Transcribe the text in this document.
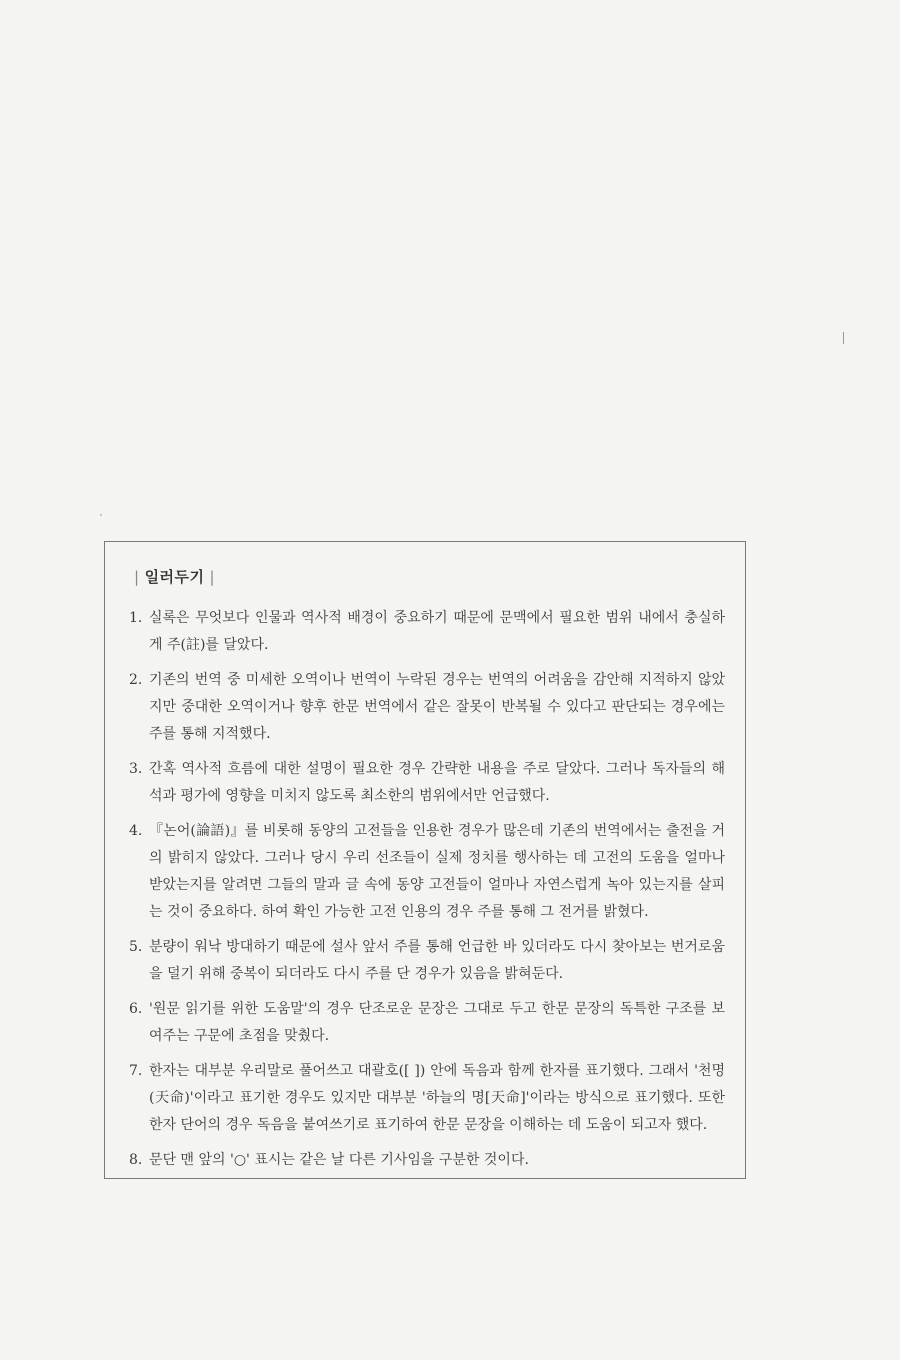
| 일러두기 |
1. 실록은 무엇보다 인물과 역사적 배경이 중요하기 때문에 문맥에서 필요한 범위 내에서 충실하게 주(註)를 달았다.
2. 기존의 번역 중 미세한 오역이나 번역이 누락된 경우는 번역의 어려움을 감안해 지적하지 않았지만 중대한 오역이거나 향후 한문 번역에서 같은 잘못이 반복될 수 있다고 판단되는 경우에는 주를 통해 지적했다.
3. 간혹 역사적 흐름에 대한 설명이 필요한 경우 간략한 내용을 주로 달았다. 그러나 독자들의 해석과 평가에 영향을 미치지 않도록 최소한의 범위에서만 언급했다.
4. 『논어(論語)』를 비롯해 동양의 고전들을 인용한 경우가 많은데 기존의 번역에서는 출전을 거의 밝히지 않았다. 그러나 당시 우리 선조들이 실제 정치를 행사하는 데 고전의 도움을 얼마나 받았는지를 알려면 그들의 말과 글 속에 동양 고전들이 얼마나 자연스럽게 녹아 있는지를 살피는 것이 중요하다. 하여 확인 가능한 고전 인용의 경우 주를 통해 그 전거를 밝혔다.
5. 분량이 워낙 방대하기 때문에 설사 앞서 주를 통해 언급한 바 있더라도 다시 찾아보는 번거로움을 덜기 위해 중복이 되더라도 다시 주를 단 경우가 있음을 밝혀둔다.
6. '원문 읽기를 위한 도움말'의 경우 단조로운 문장은 그대로 두고 한문 문장의 독특한 구조를 보여주는 구문에 초점을 맞췄다.
7. 한자는 대부분 우리말로 풀어쓰고 대괄호([ ]) 안에 독음과 함께 한자를 표기했다. 그래서 '천명(天命)'이라고 표기한 경우도 있지만 대부분 '하늘의 명[天命]'이라는 방식으로 표기했다. 또한 한자 단어의 경우 독음을 붙여쓰기로 표기하여 한문 문장을 이해하는 데 도움이 되고자 했다.
8. 문단 맨 앞의 '○' 표시는 같은 날 다른 기사임을 구분한 것이다.
